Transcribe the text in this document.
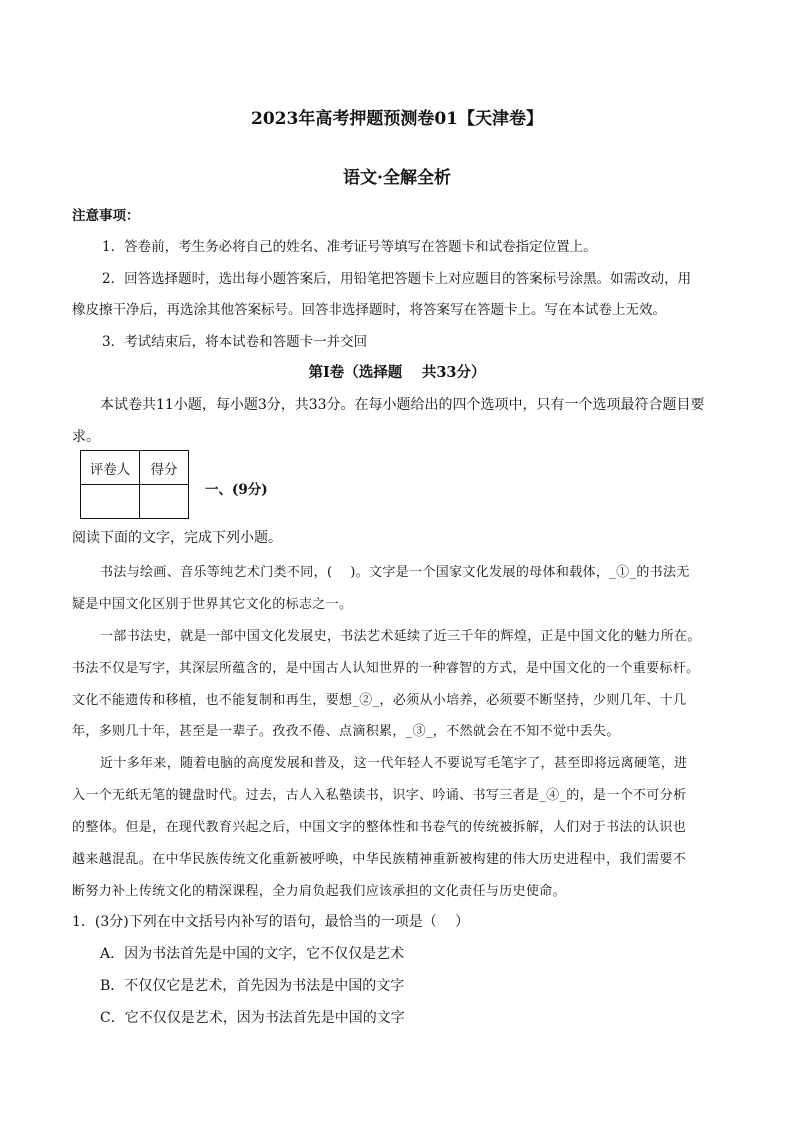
2023年高考押题预测卷01【天津卷】
语文·全解全析
注意事项：
1．答卷前，考生务必将自己的姓名、准考证号等填写在答题卡和试卷指定位置上。
2．回答选择题时，选出每小题答案后，用铅笔把答题卡上对应题目的答案标号涂黑。如需改动，用
橡皮擦干净后，再选涂其他答案标号。回答非选择题时，将答案写在答题卡上。写在本试卷上无效。
3．考试结束后，将本试卷和答题卡一并交回
第Ⅰ卷（选择题　 共33分）
本试卷共11小题，每小题3分，共33分。在每小题给出的四个选项中，只有一个选项最符合题目要
求。
评卷人	得分

一、(9分)
阅读下面的文字，完成下列小题。
书法与绘画、音乐等纯艺术门类不同，(　 )。文字是一个国家文化发展的母体和载体，_①_的书法无
疑是中国文化区别于世界其它文化的标志之一。
一部书法史，就是一部中国文化发展史，书法艺术延续了近三千年的辉煌，正是中国文化的魅力所在。
书法不仅是写字，其深层所蕴含的，是中国古人认知世界的一种睿智的方式，是中国文化的一个重要标杆。
文化不能遗传和移植，也不能复制和再生，要想_②_，必须从小培养，必须要不断坚持，少则几年、十几
年，多则几十年，甚至是一辈子。孜孜不倦、点滴积累，_③_，不然就会在不知不觉中丢失。
近十多年来，随着电脑的高度发展和普及，这一代年轻人不要说写毛笔字了，甚至即将远离硬笔，进
入一个无纸无笔的键盘时代。过去，古人入私塾读书，识字、吟诵、书写三者是_④_的，是一个不可分析
的整体。但是，在现代教育兴起之后，中国文字的整体性和书卷气的传统被拆解，人们对于书法的认识也
越来越混乱。在中华民族传统文化重新被呼唤，中华民族精神重新被构建的伟大历史进程中，我们需要不
断努力补上传统文化的精深课程，全力肩负起我们应该承担的文化责任与历史使命。
1．(3分)下列在中文括号内补写的语句，最恰当的一项是（　 ）
A．因为书法首先是中国的文字，它不仅仅是艺术
B．不仅仅它是艺术，首先因为书法是中国的文字
C．它不仅仅是艺术，因为书法首先是中国的文字
